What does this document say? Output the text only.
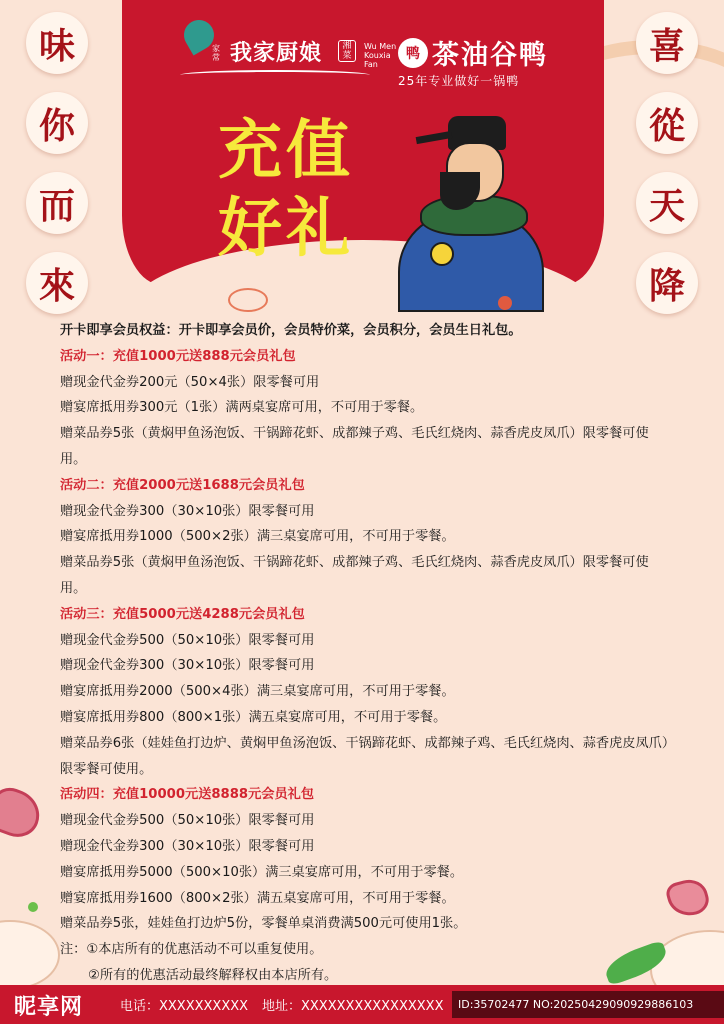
味
你
而
來
喜
從
天
降
家常 我家厨娘	湘菜
Wu Men Kouxia Fan
鸭 茶油谷鸭
25年专业做好一锅鸭
充值
好礼
开卡即享会员权益：开卡即享会员价，会员特价菜，会员积分，会员生日礼包。
活动一：充值1000元送888元会员礼包
赠现金代金券200元（50×4张）限零餐可用
赠宴席抵用券300元（1张）满两桌宴席可用，不可用于零餐。
赠菜品券5张（黄焖甲鱼汤泡饭、干锅蹄花虾、成都辣子鸡、毛氏红烧肉、蒜香虎皮凤爪）限零餐可使用。
活动二：充值2000元送1688元会员礼包
赠现金代金券300（30×10张）限零餐可用
赠宴席抵用券1000（500×2张）满三桌宴席可用，不可用于零餐。
赠菜品券5张（黄焖甲鱼汤泡饭、干锅蹄花虾、成都辣子鸡、毛氏红烧肉、蒜香虎皮凤爪）限零餐可使用。
活动三：充值5000元送4288元会员礼包
赠现金代金券500（50×10张）限零餐可用
赠现金代金券300（30×10张）限零餐可用
赠宴席抵用券2000（500×4张）满三桌宴席可用，不可用于零餐。
赠宴席抵用券800（800×1张）满五桌宴席可用，不可用于零餐。
赠菜品券6张（娃娃鱼打边炉、黄焖甲鱼汤泡饭、干锅蹄花虾、成都辣子鸡、毛氏红烧肉、蒜香虎皮凤爪）限零餐可使用。
活动四：充值10000元送8888元会员礼包
赠现金代金券500（50×10张）限零餐可用
赠现金代金券300（30×10张）限零餐可用
赠宴席抵用券5000（500×10张）满三桌宴席可用，不可用于零餐。
赠宴席抵用券1600（800×2张）满五桌宴席可用，不可用于零餐。
赠菜品券5张，娃娃鱼打边炉5份，零餐单桌消费满500元可使用1张。
注：①本店所有的优惠活动不可以重复使用。
②所有的优惠活动最终解释权由本店所有。
昵享网	电话：XXXXXXXXXX 地址：XXXXXXXXXXXXXXXX	ID:35702477 NO:20250429090929886103
